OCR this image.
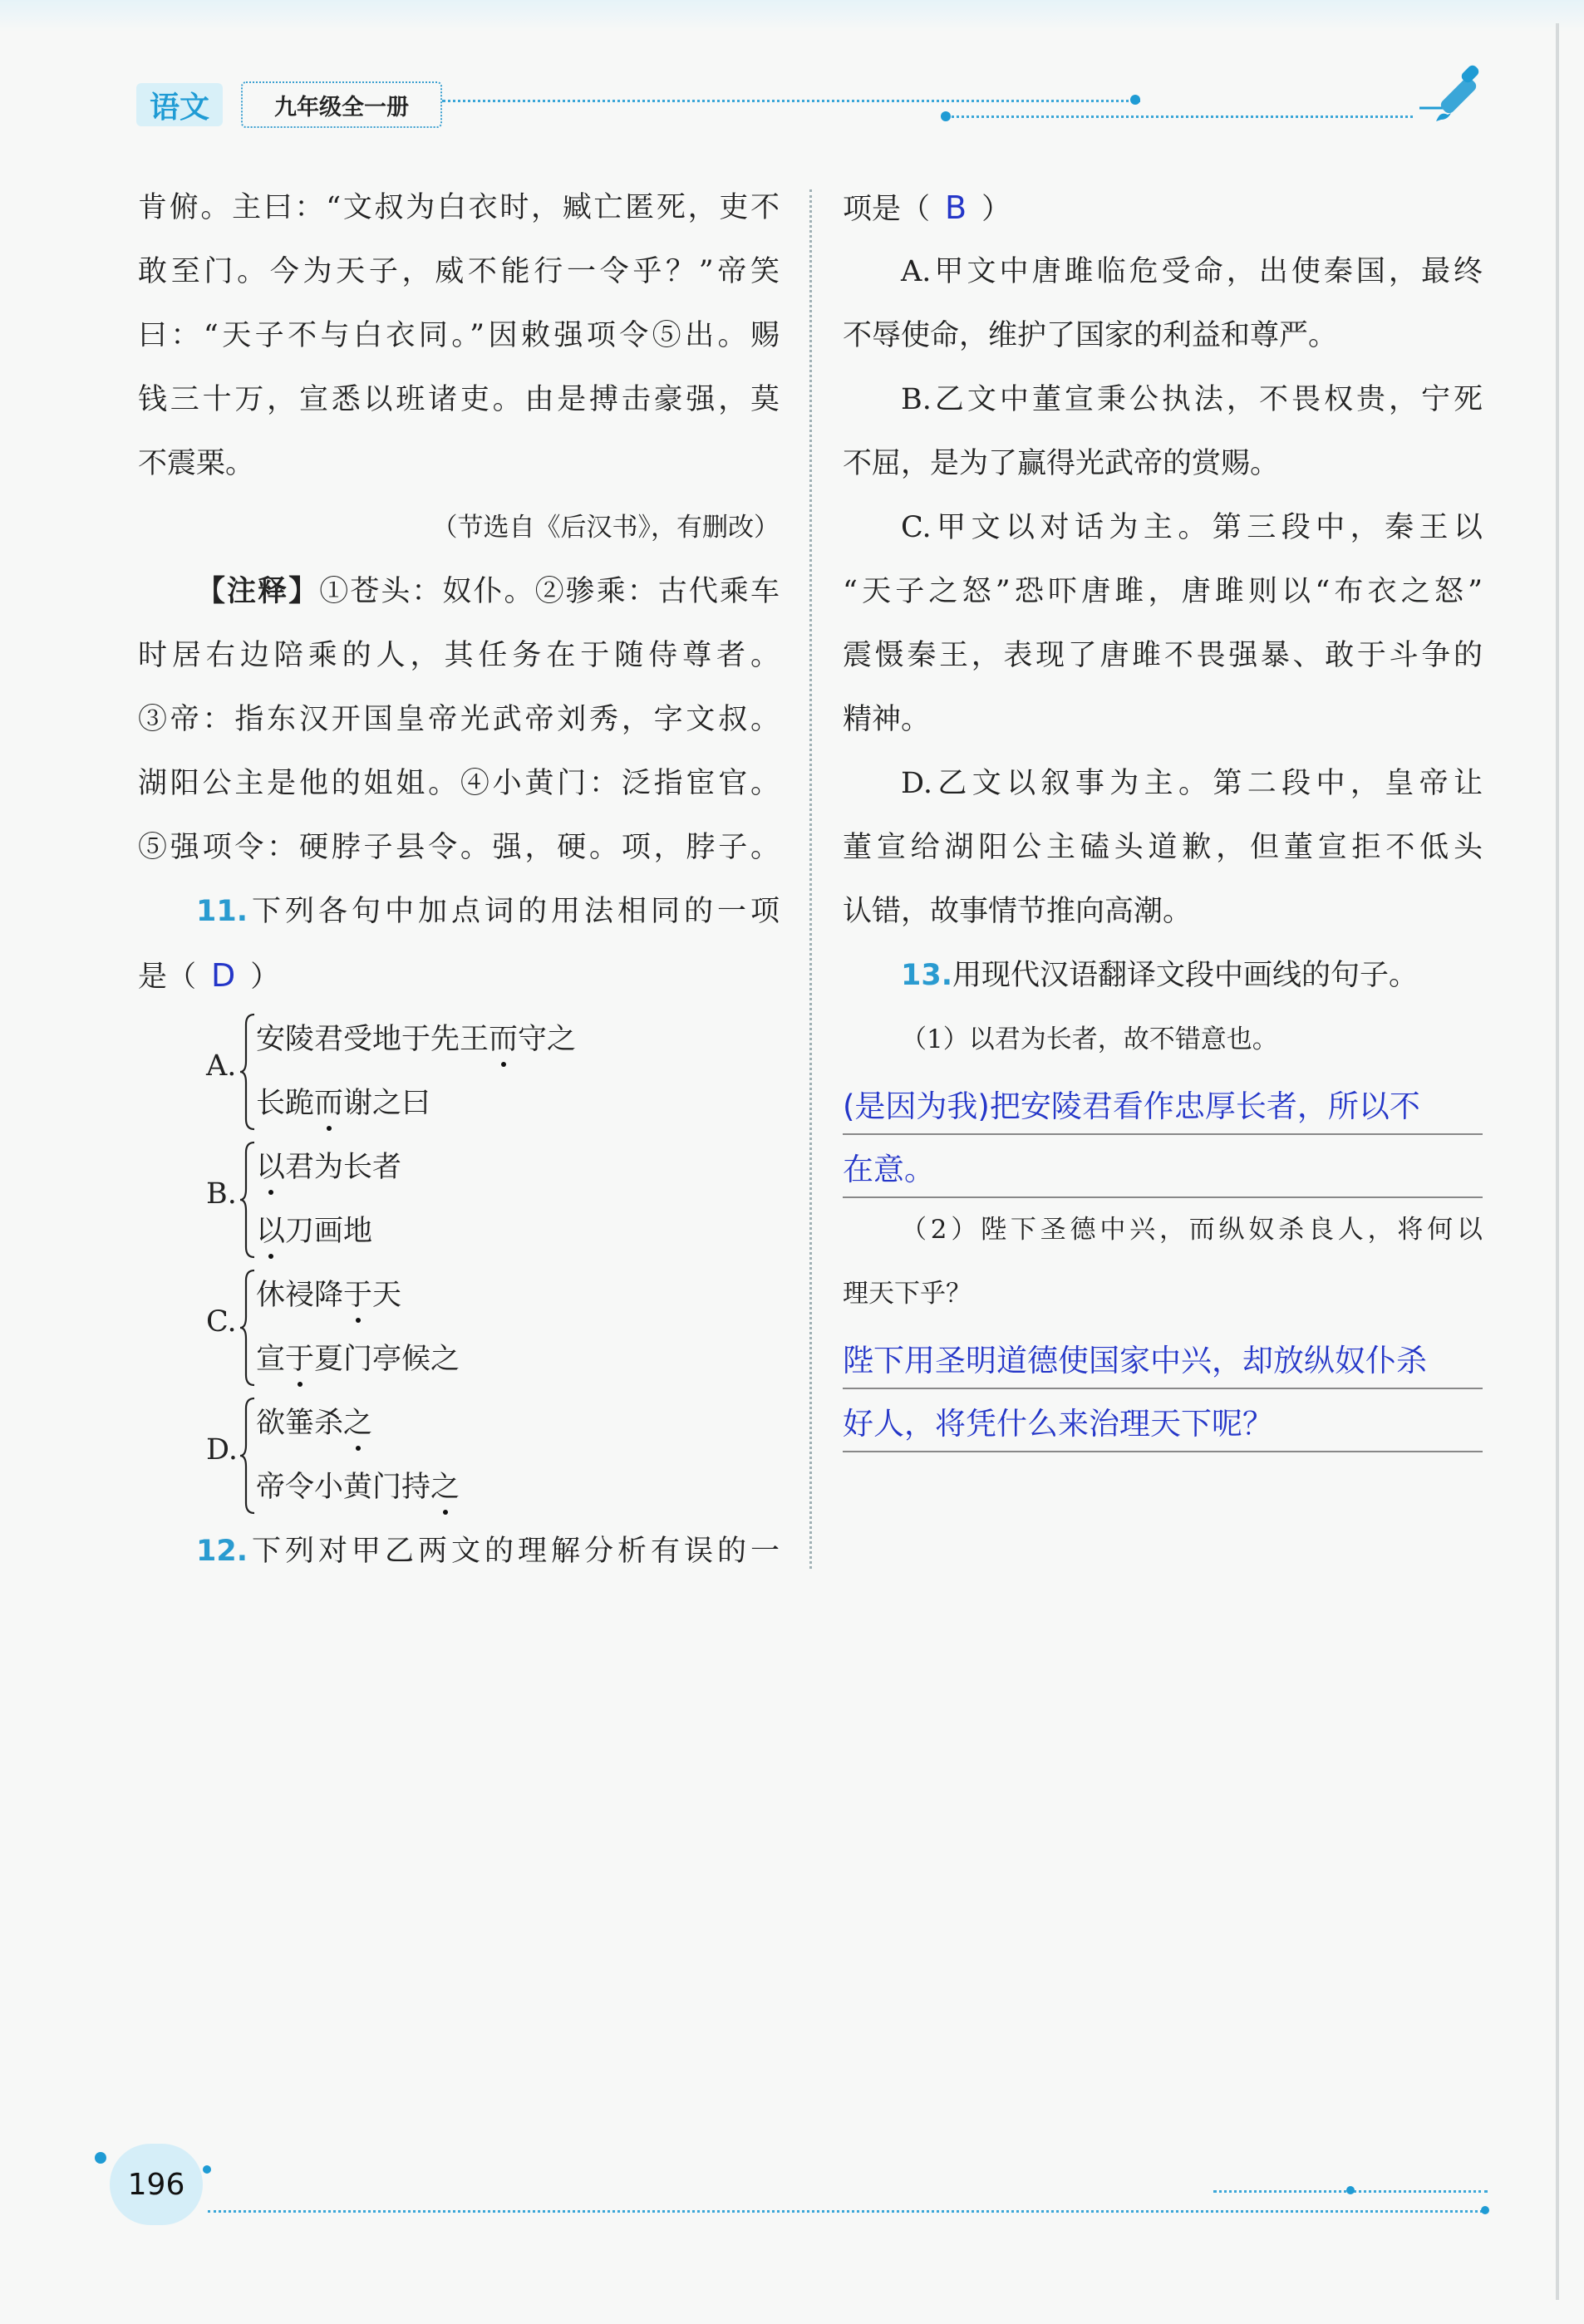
语文	九年级全一册
肯俯。主曰：“文叔为白衣时，臧亡匿死，吏不
敢至门。今为天子，威不能行一令乎？”帝笑
曰：“天子不与白衣同。”因敕强项令⑤出。赐
钱三十万，宣悉以班诸吏。由是搏击豪强，莫
不震栗。
（节选自《后汉书》，有删改）
【注释】①苍头：奴仆。②骖乘：古代乘车
时居右边陪乘的人，其任务在于随侍尊者。
③帝：指东汉开国皇帝光武帝刘秀，字文叔。
湖阳公主是他的姐姐。④小黄门：泛指宦官。
⑤强项令：硬脖子县令。强，硬。项，脖子。
11.下列各句中加点词的用法相同的一项
是（ D ）
A.
安陵君受地于先王而守之
长跪而谢之曰
B.
以君为长者
以刀画地
C.
休祲降于天
宣于夏门亭候之
D.
欲箠杀之
帝令小黄门持之
12.下列对甲乙两文的理解分析有误的一
项是（ B ）
A.甲文中唐雎临危受命，出使秦国，最终
不辱使命，维护了国家的利益和尊严。
B.乙文中董宣秉公执法，不畏权贵，宁死
不屈，是为了赢得光武帝的赏赐。
C.甲文以对话为主。第三段中，秦王以
“天子之怒”恐吓唐雎，唐雎则以“布衣之怒”
震慑秦王，表现了唐雎不畏强暴、敢于斗争的
精神。
D.乙文以叙事为主。第二段中，皇帝让
董宣给湖阳公主磕头道歉，但董宣拒不低头
认错，故事情节推向高潮。
13.用现代汉语翻译文段中画线的句子。
（1）以君为长者，故不错意也。
(是因为我)把安陵君看作忠厚长者，所以不
在意。
（2）陛下圣德中兴，而纵奴杀良人，将何以
理天下乎？
陛下用圣明道德使国家中兴，却放纵奴仆杀
好人，将凭什么来治理天下呢？
196
